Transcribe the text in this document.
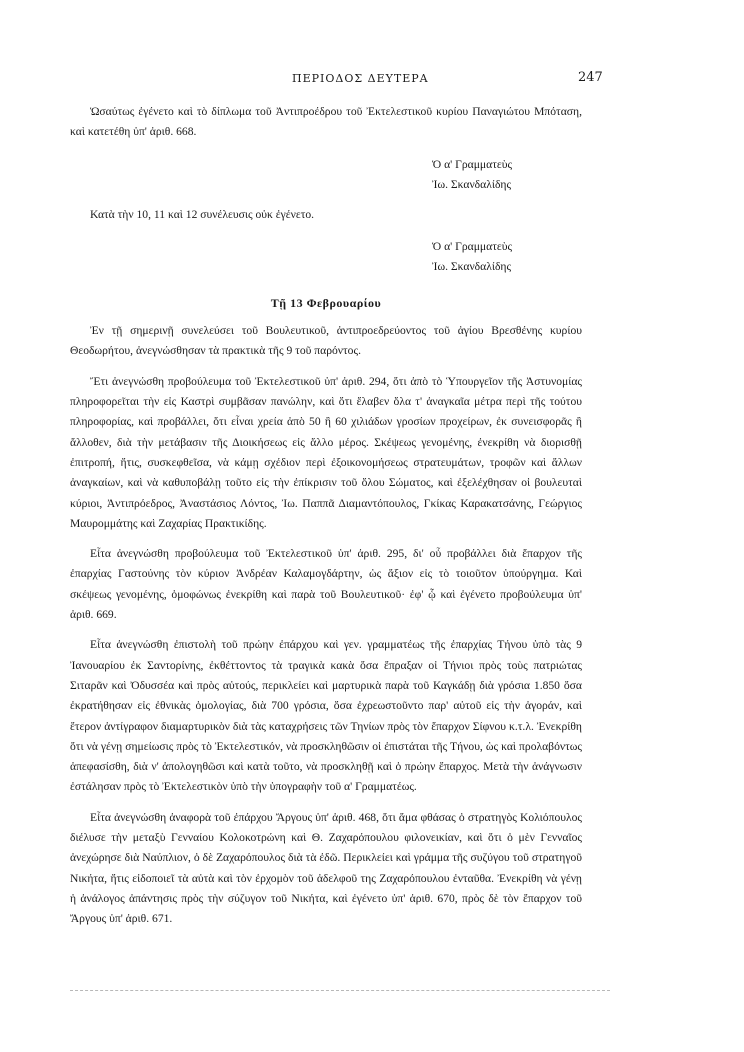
ΠΕΡΙΟΔΟΣ ΔΕΥΤΕΡΑ	247

Ὡσαύτως ἐγένετο καὶ τὸ δίπλωμα τοῦ Ἀντιπροέδρου τοῦ Ἐκτελεστικοῦ κυρίου Παναγιώτου Μπόταση, καὶ κατετέθη ὑπ' ἀριθ. 668.

Ὁ α' Γραμματεὺς
Ἰω. Σκανδαλίδης

Κατὰ τὴν 10, 11 καὶ 12 συνέλευσις οὐκ ἐγένετο.

Ὁ α' Γραμματεὺς
Ἰω. Σκανδαλίδης
Τῇ 13 Φεβρουαρίου

Ἐν τῇ σημερινῇ συνελεύσει τοῦ Βουλευτικοῦ, ἀντιπροεδρεύοντος τοῦ ἁγίου Βρεσθένης κυρίου Θεοδωρήτου, ἀνεγνώσθησαν τὰ πρακτικὰ τῆς 9 τοῦ παρόντος.

Ἔτι ἀνεγνώσθη προβούλευμα τοῦ Ἐκτελεστικοῦ ὑπ' ἀριθ. 294, ὅτι ἀπὸ τὸ Ὑπουργεῖον τῆς Ἀστυνομίας πληροφορεῖται τὴν εἰς Καστρὶ συμβᾶσαν πανώλην, καὶ ὅτι ἔλαβεν ὅλα τ' ἀναγκαῖα μέτρα περὶ τῆς τούτου πληροφορίας, καὶ προβάλλει, ὅτι εἶναι χρεία ἀπὸ 50 ἢ 60 χιλιάδων γροσίων προχείρων, ἐκ συνεισφορᾶς ἢ ἄλλοθεν, διὰ τὴν μετάβασιν τῆς Διοικήσεως εἰς ἄλλο μέρος. Σκέψεως γενομένης, ἐνεκρίθη νὰ διορισθῇ ἐπιτροπή, ἥτις, συσκεφθεῖσα, νὰ κάμῃ σχέδιον περὶ ἐξοικονομήσεως στρατευμάτων, τροφῶν καὶ ἄλλων ἀναγκαίων, καὶ νὰ καθυποβάλῃ τοῦτο εἰς τὴν ἐπίκρισιν τοῦ ὅλου Σώματος, καὶ ἐξελέχθησαν οἱ βουλευταὶ κύριοι, Ἀντιπρόεδρος, Ἀναστάσιος Λόντος, Ἰω. Παππᾶ Διαμαντόπουλος, Γκίκας Καρακατσάνης, Γεώργιος Μαυρομμάτης καὶ Ζαχαρίας Πρακτικίδης.

Εἶτα ἀνεγνώσθη προβούλευμα τοῦ Ἐκτελεστικοῦ ὑπ' ἀριθ. 295, δι' οὗ προβάλλει διὰ ἔπαρχον τῆς ἐπαρχίας Γαστούνης τὸν κύριον Ἀνδρέαν Καλαμογδάρτην, ὡς ἄξιον εἰς τὸ τοιοῦτον ὑπούργημα. Καὶ σκέψεως γενομένης, ὁμοφώνως ἐνεκρίθη καὶ παρὰ τοῦ Βουλευτικοῦ· ἐφ' ᾧ καὶ ἐγένετο προβούλευμα ὑπ' ἀριθ. 669.

Εἶτα ἀνεγνώσθη ἐπιστολὴ τοῦ πρώην ἐπάρχου καὶ γεν. γραμματέως τῆς ἐπαρχίας Τήνου ὑπὸ τὰς 9 Ἰανουαρίου ἐκ Σαντορίνης, ἐκθέττοντος τὰ τραγικὰ κακὰ ὅσα ἔπραξαν οἱ Τήνιοι πρὸς τοὺς πατριώτας Σιταρᾶν καὶ Ὀδυσσέα καὶ πρὸς αὐτούς, περικλείει καὶ μαρτυρικὰ παρὰ τοῦ Καγκάδῃ διὰ γρόσια 1.850 ὅσα ἐκρατήθησαν εἰς ἐθνικὰς ὁμολογίας, διὰ 700 γρόσια, ὅσα ἐχρεωστοῦντο παρ' αὐτοῦ εἰς τὴν ἀγοράν, καὶ ἕτερον ἀντίγραφον διαμαρτυρικὸν διὰ τὰς καταχρήσεις τῶν Τηνίων πρὸς τὸν ἔπαρχον Σίφνου κ.τ.λ. Ἐνεκρίθη ὅτι νὰ γένῃ σημείωσις πρὸς τὸ Ἐκτελεστικόν, νὰ προσκληθῶσιν οἱ ἐπιστάται τῆς Τήνου, ὡς καὶ προλαβόντως ἀπεφασίσθη, διὰ ν' ἀπολογηθῶσι καὶ κατὰ τοῦτο, νὰ προσκληθῇ καὶ ὁ πρώην ἔπαρχος. Μετὰ τὴν ἀνάγνωσιν ἐστάλησαν πρὸς τὸ Ἐκτελεστικὸν ὑπὸ τὴν ὑπογραφὴν τοῦ α' Γραμματέως.

Εἶτα ἀνεγνώσθη ἀναφορὰ τοῦ ἐπάρχου Ἄργους ὑπ' ἀριθ. 468, ὅτι ἅμα φθάσας ὁ στρατηγὸς Κολιόπουλος διέλυσε τὴν μεταξὺ Γενναίου Κολοκοτρώνη καὶ Θ. Ζαχαρόπουλου φιλονεικίαν, καὶ ὅτι ὁ μὲν Γενναῖος ἀνεχώρησε διὰ Ναύπλιον, ὁ δὲ Ζαχαρόπουλος διὰ τὰ ἐδῶ. Περικλείει καὶ γράμμα τῆς συζύγου τοῦ στρατηγοῦ Νικήτα, ἥτις εἰδοποιεῖ τὰ αὐτὰ καὶ τὸν ἐρχομὸν τοῦ ἀδελφοῦ της Ζαχαρόπουλου ἐνταῦθα. Ἐνεκρίθη νὰ γένῃ ἡ ἀνάλογος ἀπάντησις πρὸς τὴν σύζυγον τοῦ Νικήτα, καὶ ἐγένετο ὑπ' ἀριθ. 670, πρὸς δὲ τὸν ἔπαρχον τοῦ Ἄργους ὑπ' ἀριθ. 671.
